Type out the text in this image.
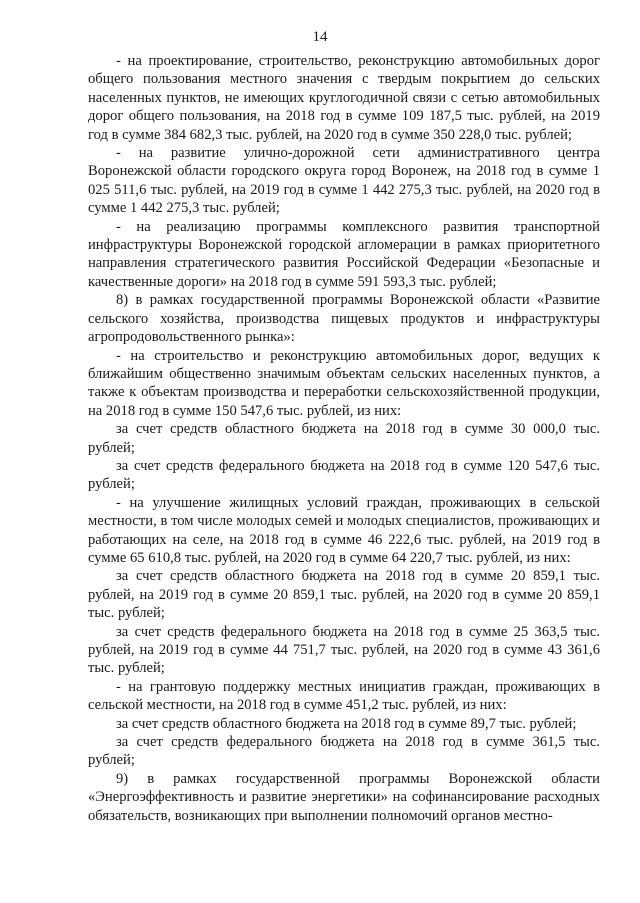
14

- на проектирование, строительство, реконструкцию автомобильных дорог общего пользования местного значения с твердым покрытием до сельских населенных пунктов, не имеющих круглогодичной связи с сетью автомобильных дорог общего пользования, на 2018 год в сумме 109 187,5 тыс. рублей, на 2019 год в сумме 384 682,3 тыс. рублей, на 2020 год в сумме 350 228,0 тыс. рублей;

- на развитие улично-дорожной сети административного центра Воронежской области городского округа город Воронеж, на 2018 год в сумме 1 025 511,6 тыс. рублей, на 2019 год в сумме 1 442 275,3 тыс. рублей, на 2020 год в сумме 1 442 275,3 тыс. рублей;

- на реализацию программы комплексного развития транспортной инфраструктуры Воронежской городской агломерации в рамках приоритетного направления стратегического развития Российской Федерации «Безопасные и качественные дороги» на 2018 год в сумме 591 593,3 тыс. рублей;

8) в рамках государственной программы Воронежской области «Развитие сельского хозяйства, производства пищевых продуктов и инфраструктуры агропродовольственного рынка»:

- на строительство и реконструкцию автомобильных дорог, ведущих к ближайшим общественно значимым объектам сельских населенных пунктов, а также к объектам производства и переработки сельскохозяйственной продукции, на 2018 год в сумме 150 547,6 тыс. рублей, из них:

за счет средств областного бюджета на 2018 год в сумме 30 000,0 тыс. рублей;

за счет средств федерального бюджета на 2018 год в сумме 120 547,6 тыс. рублей;

- на улучшение жилищных условий граждан, проживающих в сельской местности, в том числе молодых семей и молодых специалистов, проживающих и работающих на селе, на 2018 год в сумме 46 222,6 тыс. рублей, на 2019 год в сумме 65 610,8 тыс. рублей, на 2020 год в сумме 64 220,7 тыс. рублей, из них:

за счет средств областного бюджета на 2018 год в сумме 20 859,1 тыс. рублей, на 2019 год в сумме 20 859,1 тыс. рублей, на 2020 год в сумме 20 859,1 тыс. рублей;

за счет средств федерального бюджета на 2018 год в сумме 25 363,5 тыс. рублей, на 2019 год в сумме 44 751,7 тыс. рублей, на 2020 год в сумме 43 361,6 тыс. рублей;

- на грантовую поддержку местных инициатив граждан, проживающих в сельской местности, на 2018 год в сумме 451,2 тыс. рублей, из них:

за счет средств областного бюджета на 2018 год в сумме 89,7 тыс. рублей;

за счет средств федерального бюджета на 2018 год в сумме 361,5 тыс. рублей;

9) в рамках государственной программы Воронежской области «Энергоэффективность и развитие энергетики» на софинансирование расходных обязательств, возникающих при выполнении полномочий органов местно-
